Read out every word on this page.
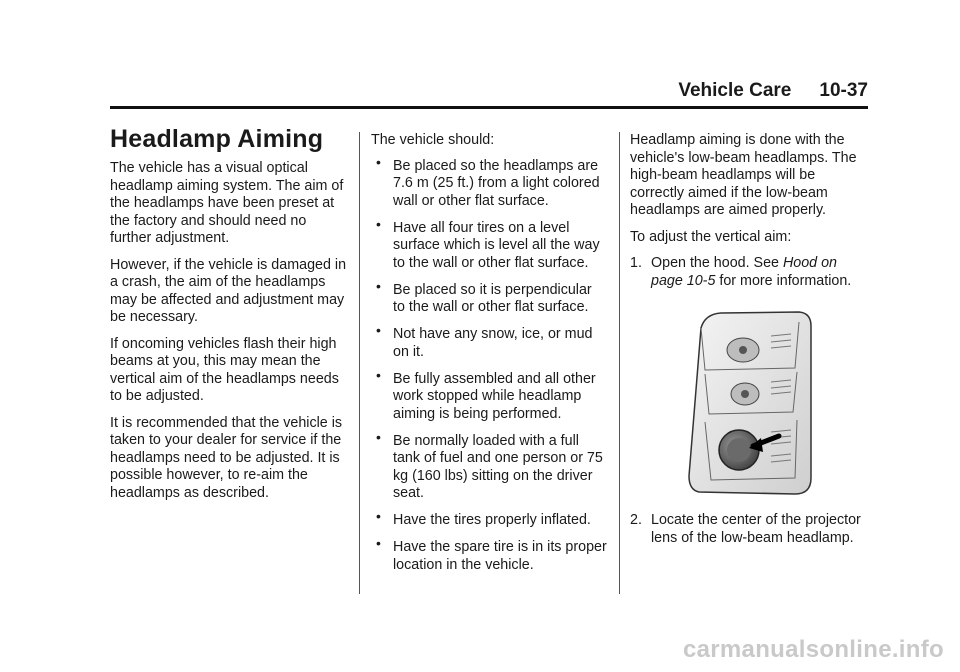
Vehicle Care 10-37
Headlamp Aiming

The vehicle has a visual optical headlamp aiming system. The aim of the headlamps have been preset at the factory and should need no further adjustment.

However, if the vehicle is damaged in a crash, the aim of the headlamps may be affected and adjustment may be necessary.

If oncoming vehicles flash their high beams at you, this may mean the vertical aim of the headlamps needs to be adjusted.

It is recommended that the vehicle is taken to your dealer for service if the headlamps need to be adjusted. It is possible however, to re-aim the headlamps as described.

The vehicle should:

• Be placed so the headlamps are 7.6 m (25 ft.) from a light colored wall or other flat surface.
• Have all four tires on a level surface which is level all the way to the wall or other flat surface.
• Be placed so it is perpendicular to the wall or other flat surface.
• Not have any snow, ice, or mud on it.
• Be fully assembled and all other work stopped while headlamp aiming is being performed.
• Be normally loaded with a full tank of fuel and one person or 75 kg (160 lbs) sitting on the driver seat.
• Have the tires properly inflated.
• Have the spare tire is in its proper location in the vehicle.

Headlamp aiming is done with the vehicle's low-beam headlamps. The high-beam headlamps will be correctly aimed if the low-beam headlamps are aimed properly.

To adjust the vertical aim:

1. Open the hood. See Hood on page 10-5 for more information.
2. Locate the center of the projector lens of the low-beam headlamp.
carmanualsonline.info
